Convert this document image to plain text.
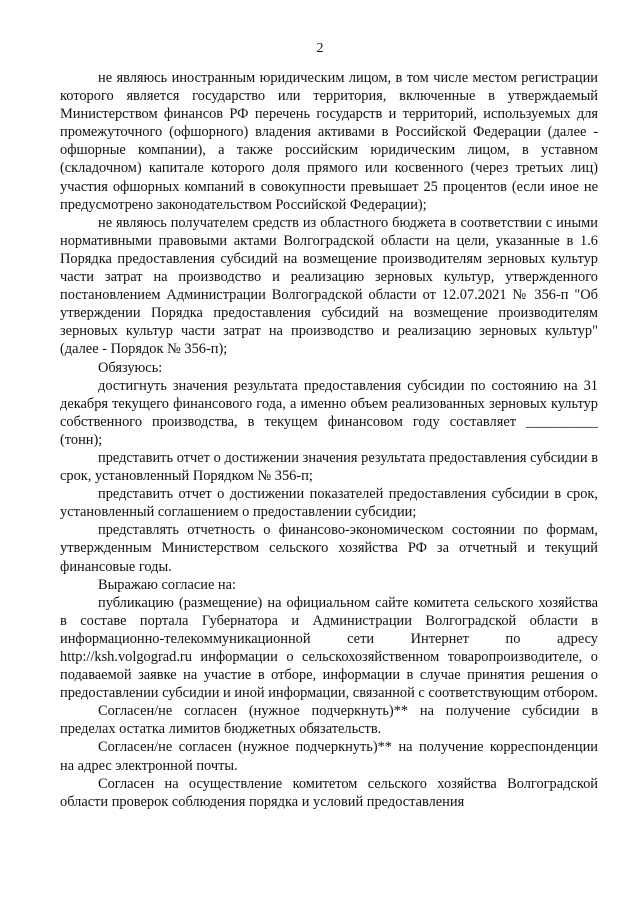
2

не являюсь иностранным юридическим лицом, в том числе местом регистрации которого является государство или территория, включенные в утверждаемый Министерством финансов РФ перечень государств и территорий, используемых для промежуточного (офшорного) владения активами в Российской Федерации (далее - офшорные компании), а также российским юридическим лицом, в уставном (складочном) капитале которого доля прямого или косвенного (через третьих лиц) участия офшорных компаний в совокупности превышает 25 процентов (если иное не предусмотрено законодательством Российской Федерации);

не являюсь получателем средств из областного бюджета в соответствии с иными нормативными правовыми актами Волгоградской области на цели, указанные в 1.6 Порядка предоставления субсидий на возмещение производителям зерновых культур части затрат на производство и реализацию зерновых культур, утвержденного постановлением Администрации Волгоградской области от 12.07.2021 № 356-п "Об утверждении Порядка предоставления субсидий на возмещение производителям зерновых культур части затрат на производство и реализацию зерновых культур" (далее - Порядок № 356-п);

Обязуюсь:

достигнуть значения результата предоставления субсидии по состоянию на 31 декабря текущего финансового года, а именно объем реализованных зерновых культур собственного производства, в текущем финансовом году составляет __________ (тонн);

представить отчет о достижении значения результата предоставления субсидии в срок, установленный Порядком № 356-п;

представить отчет о достижении показателей предоставления субсидии в срок, установленный соглашением о предоставлении субсидии;

представлять отчетность о финансово-экономическом состоянии по формам, утвержденным Министерством сельского хозяйства РФ за отчетный и текущий финансовые годы.

Выражаю согласие на:

публикацию (размещение) на официальном сайте комитета сельского хозяйства в составе портала Губернатора и Администрации Волгоградской области в информационно-телекоммуникационной сети Интернет по адресу http://ksh.volgograd.ru информации о сельскохозяйственном товаропроизводителе, о подаваемой заявке на участие в отборе, информации в случае принятия решения о предоставлении субсидии и иной информации, связанной с соответствующим отбором.

Согласен/не согласен (нужное подчеркнуть)** на получение субсидии в пределах остатка лимитов бюджетных обязательств.

Согласен/не согласен (нужное подчеркнуть)** на получение корреспонденции на адрес электронной почты.

Согласен на осуществление комитетом сельского хозяйства Волгоградской области проверок соблюдения порядка и условий предоставления
